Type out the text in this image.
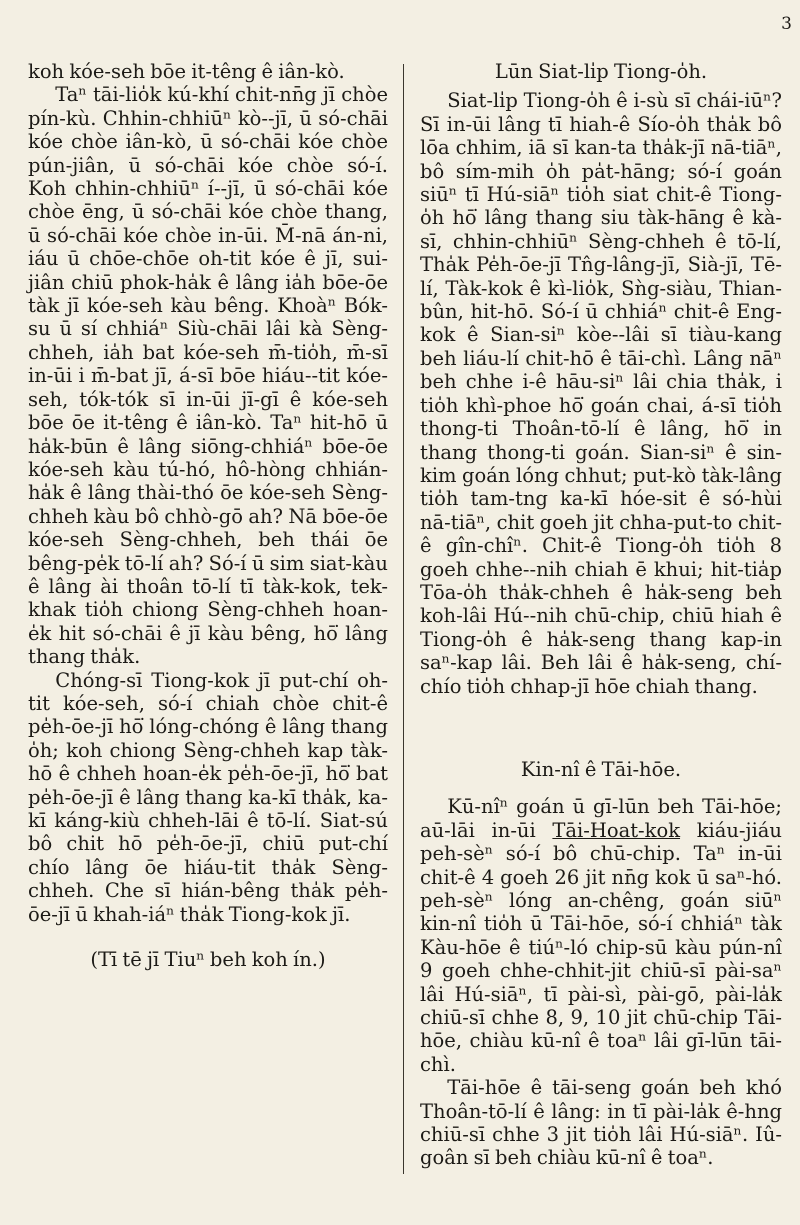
3

koh kóe-seh bōe it-têng ê iân-kò.

Taⁿ tāi-lio̍k kú-khí chit-nn̄g jī chòe pín-kù. Chhin-chhiūⁿ kò--jī, ū só-chāi kóe chòe iân-kò, ū só-chāi kóe chòe pún-jiân, ū só-chāi kóe chòe só-í. Koh chhin-chhiūⁿ í--jī, ū só-chāi kóe chòe ēng, ū só-chāi kóe chòe thang, ū só-chāi kóe chòe in-ūi. M̄-nā án-ni, iáu ū chōe-chōe oh-tit kóe ê jī, sui-jiân chiū phok-ha̍k ê lâng ia̍h bōe-ōe tàk jī kóe-seh kàu bêng. Khoàⁿ Bók-su ū sí chhiáⁿ Siù-chāi lâi kà Sèng-chheh, ia̍h bat kóe-seh m̄-tio̍h, m̄-sī in-ūi i m̄-bat jī, á-sī bōe hiáu--tit kóe-seh, tók-tók sī in-ūi jī-gī ê kóe-seh bōe ōe it-têng ê iân-kò. Taⁿ hit-hō ū ha̍k-būn ê lâng siōng-chhiáⁿ bōe-ōe kóe-seh kàu tú-hó, hô-hòng chhián-ha̍k ê lâng thài-thó ōe kóe-seh Sèng-chheh kàu bô chhò-gō ah? Nā bōe-ōe kóe-seh Sèng-chheh, beh thái ōe bêng-pe̍k tō-lí ah? Só-í ū sim siat-kàu ê lâng ài thoân tō-lí tī tàk-kok, tek-khak tio̍h chiong Sèng-chheh hoan-e̍k hit só-chāi ê jī kàu bêng, hō͘ lâng thang tha̍k.

Chóng-sī Tiong-kok jī put-chí oh-tit kóe-seh, só-í chiah chòe chit-ê pe̍h-ōe-jī hō͘ lóng-chóng ê lâng thang o̍h; koh chiong Sèng-chheh kap tàk-hō ê chheh hoan-e̍k pe̍h-ōe-jī, hō͘ bat pe̍h-ōe-jī ê lâng thang ka-kī tha̍k, ka-kī káng-kiù chheh-lāi ê tō-lí. Siat-sú bô chit hō pe̍h-ōe-jī, chiū put-chí chío lâng ōe hiáu-tit tha̍k Sèng-chheh. Che sī hián-bêng tha̍k pe̍h-ōe-jī ū khah-iáⁿ tha̍k Tiong-kok jī.

(Tī tē jī Tiuⁿ beh koh ín.)

Lūn Siat-li̍p Tiong-o̍h.

Siat-li̍p Tiong-o̍h ê i-sù sī chái-iūⁿ? Sī in-ūi lâng tī hiah-ê Sío-o̍h tha̍k bô lōa chhim, iā sī kan-ta tha̍k-jī nā-tiāⁿ, bô sím-mih o̍h pa̍t-hāng; só-í goán siūⁿ tī Hú-siāⁿ tio̍h siat chit-ê Tiong-o̍h hō͘ lâng thang siu tàk-hāng ê kà-sī, chhin-chhiūⁿ Sèng-chheh ê tō-lí, Tha̍k Pe̍h-ōe-jī Tn̂g-lâng-jī, Sià-jī, Tē-lí, Tàk-kok ê kì-lio̍k, Sǹg-siàu, Thian-bûn, hit-hō. Só-í ū chhiáⁿ chit-ê Eng-kok ê Sian-siⁿ kòe--lâi sī tiàu-kang beh liáu-lí chit-hō ê tāi-chì. Lâng nāⁿ beh chhe i-ê hāu-siⁿ lâi chia tha̍k, i tio̍h khì-phoe hō͘ goán chai, á-sī tio̍h thong-ti Thoân-tō-lí ê lâng, hō͘ in thang thong-ti goán. Sian-siⁿ ê sin-kim goán lóng chhut; put-kò tàk-lâng tio̍h tam-tng ka-kī hóe-sit ê só-hùi nā-tiāⁿ, chit goeh jit chha-put-to chit-ê gîn-chîⁿ. Chit-ê Tiong-o̍h tio̍h 8 goeh chhe--nih chiah ē khui; hit-tia̍p Tōa-o̍h tha̍k-chheh ê ha̍k-seng beh koh-lâi Hú--nih chū-chip, chiū hiah ê Tiong-o̍h ê ha̍k-seng thang kap-in saⁿ-kap lâi. Beh lâi ê ha̍k-seng, chí-chío tio̍h chhap-jī hōe chiah thang.

Kin-nî ê Tāi-hōe.

Kū-nîⁿ goán ū gī-lūn beh Tāi-hōe; aū-lāi in-ūi Tāi-Hoat-kok kiáu-jiáu peh-sèⁿ só-í bô chū-chip. Taⁿ in-ūi chit-ê 4 goeh 26 jit nn̄g kok ū saⁿ-hó. peh-sèⁿ lóng an-chêng, goán siūⁿ kin-nî tio̍h ū Tāi-hōe, só-í chhiáⁿ tàk Kàu-hōe ê tiúⁿ-ló chip-sū kàu pún-nî 9 goeh chhe-chhit-jit chiū-sī pài-saⁿ lâi Hú-siāⁿ, tī pài-sì, pài-gō, pài-la̍k chiū-sī chhe 8, 9, 10 jit chū-chip Tāi-hōe, chiàu kū-nî ê toaⁿ lâi gī-lūn tāi-chì.

Tāi-hōe ê tāi-seng goán beh khó Thoân-tō-lí ê lâng: in tī pài-la̍k ê-hng chiū-sī chhe 3 jit tio̍h lâi Hú-siāⁿ. Iû-goân sī beh chiàu kū-nî ê toaⁿ.
